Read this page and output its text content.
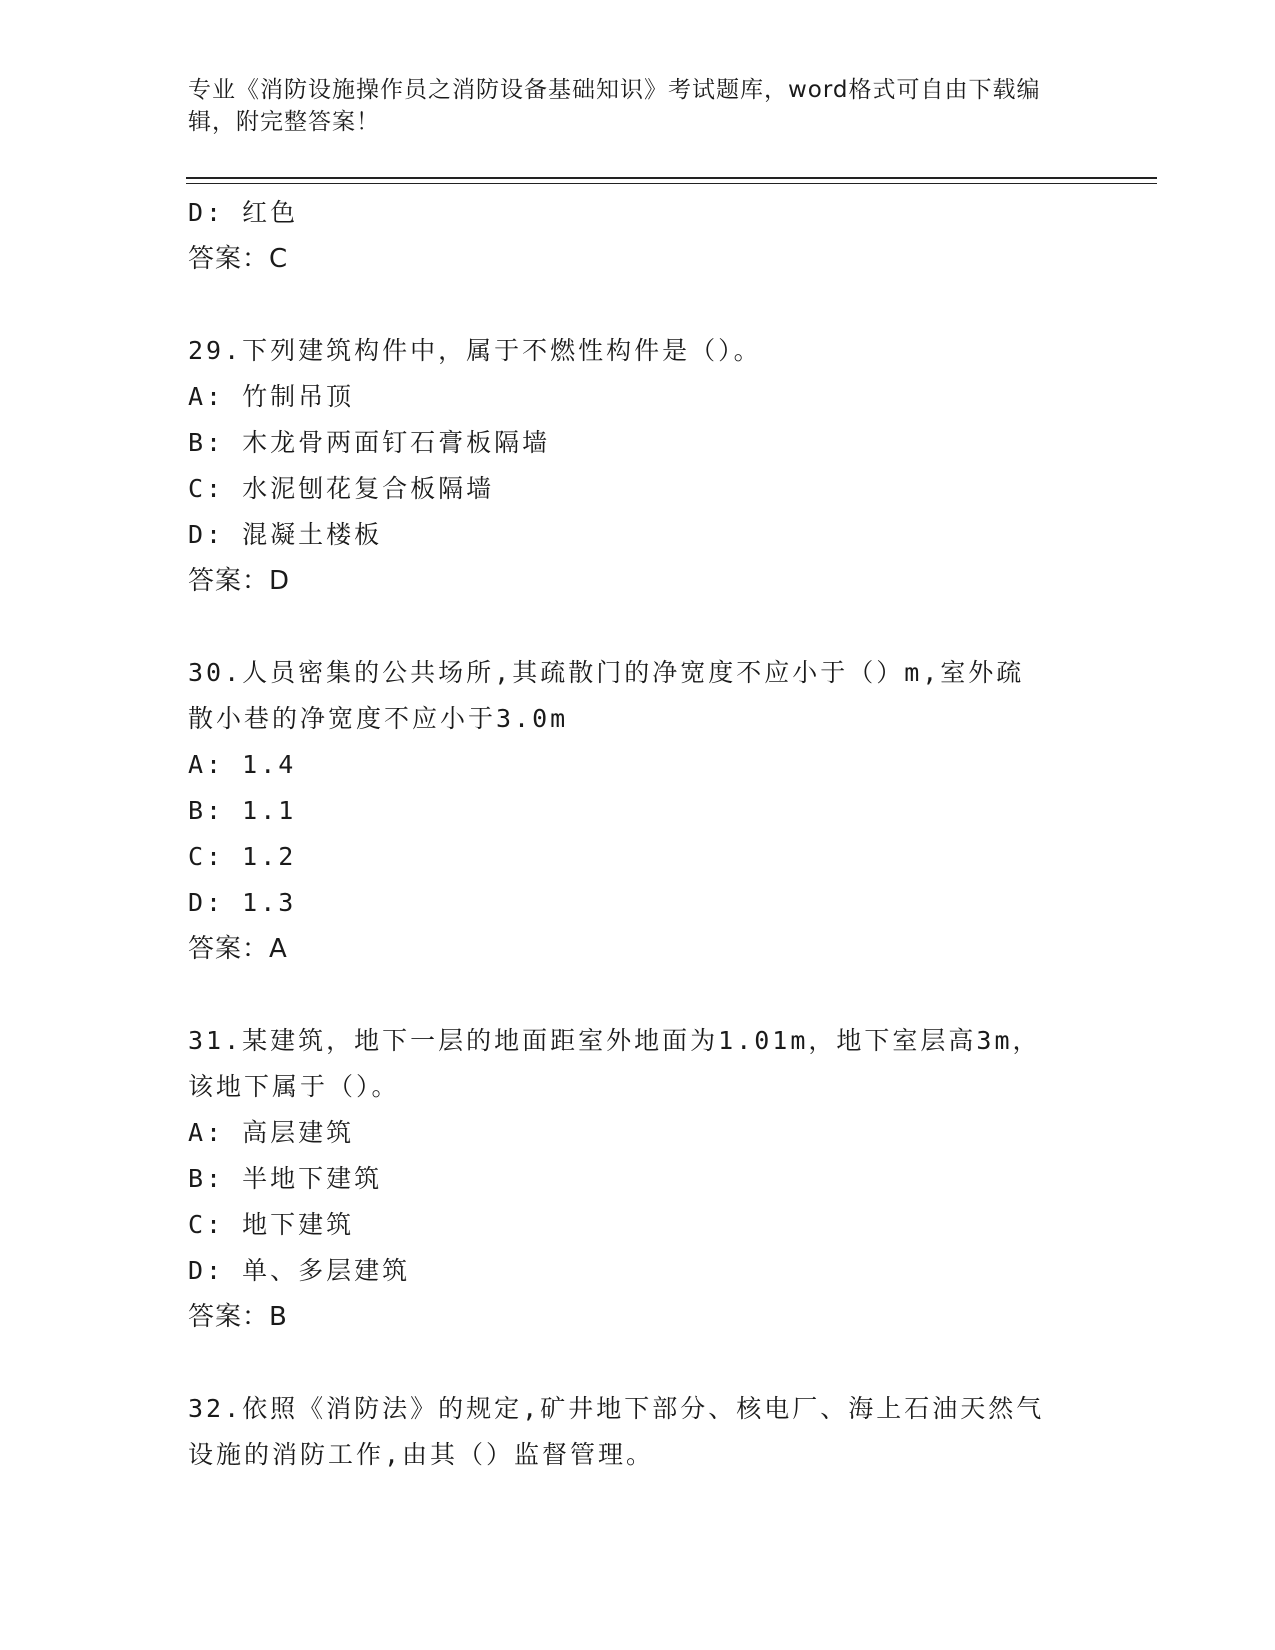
专业《消防设施操作员之消防设备基础知识》考试题库，word格式可自由下载编辑，附完整答案！
D: 红色
答案：C
29.下列建筑构件中，属于不燃性构件是（）。
A: 竹制吊顶
B: 木龙骨两面钉石膏板隔墙
C: 水泥刨花复合板隔墙
D: 混凝土楼板
答案：D
30.人员密集的公共场所,其疏散门的净宽度不应小于（）m,室外疏散小巷的净宽度不应小于3.0m
A: 1.4
B: 1.1
C: 1.2
D: 1.3
答案：A
31.某建筑，地下一层的地面距室外地面为1.01m，地下室层高3m，该地下属于（）。
A: 高层建筑
B: 半地下建筑
C: 地下建筑
D: 单、多层建筑
答案：B
32.依照《消防法》的规定,矿井地下部分、核电厂、海上石油天然气设施的消防工作,由其（）监督管理。
